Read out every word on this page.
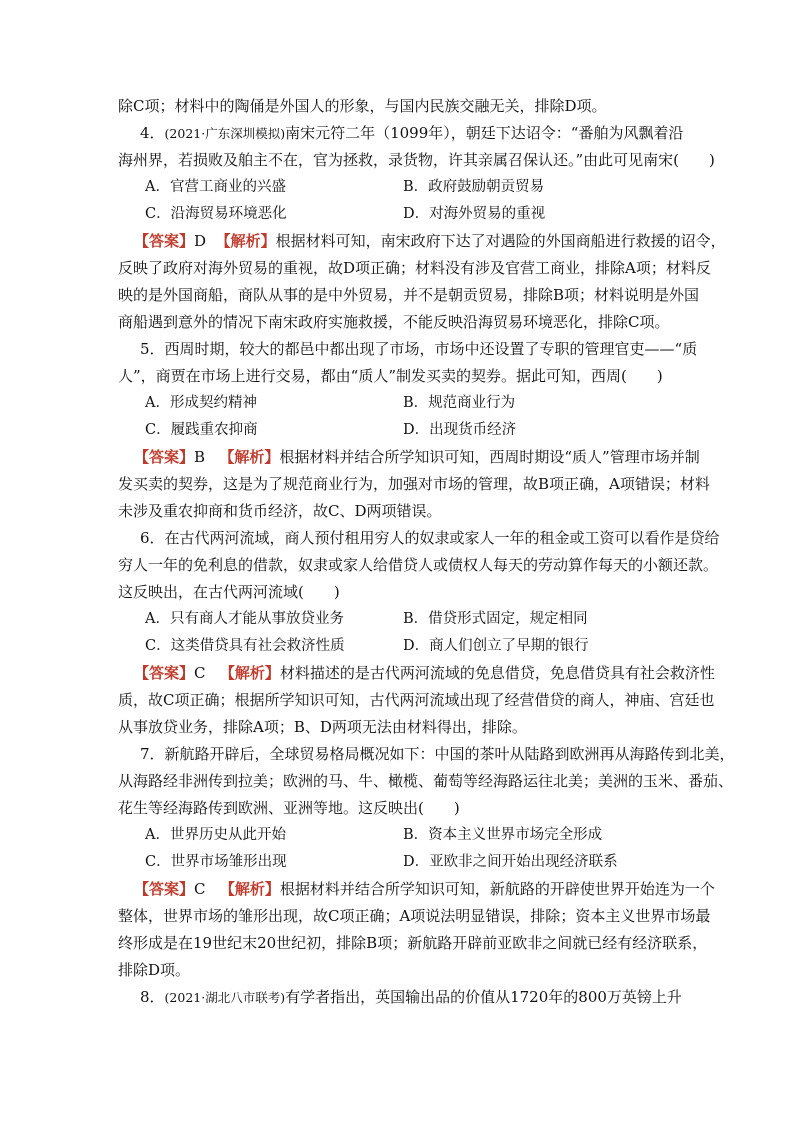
除C项；材料中的陶俑是外国人的形象，与国内民族交融无关，排除D项。
4．(2021·广东深圳模拟)南宋元符二年（1099年），朝廷下达诏令：“番舶为风飘着沿
海州界，若损败及舶主不在，官为拯救，录货物，许其亲属召保认还。”由此可见南宋(　　)
A．官营工商业的兴盛	B．政府鼓励朝贡贸易
C．沿海贸易环境恶化	D．对海外贸易的重视
【答案】D 【解析】根据材料可知，南宋政府下达了对遇险的外国商船进行救援的诏令，
反映了政府对海外贸易的重视，故D项正确；材料没有涉及官营工商业，排除A项；材料反
映的是外国商船，商队从事的是中外贸易，并不是朝贡贸易，排除B项；材料说明是外国
商船遇到意外的情况下南宋政府实施救援，不能反映沿海贸易环境恶化，排除C项。
5．西周时期，较大的都邑中都出现了市场，市场中还设置了专职的管理官吏——“质
人”，商贾在市场上进行交易，都由“质人”制发买卖的契券。据此可知，西周(　　)
A．形成契约精神	B．规范商业行为
C．履践重农抑商	D．出现货币经济
【答案】B 【解析】根据材料并结合所学知识可知，西周时期设“质人”管理市场并制
发买卖的契券，这是为了规范商业行为，加强对市场的管理，故B项正确，A项错误；材料
未涉及重农抑商和货币经济，故C、D两项错误。
6．在古代两河流域，商人预付租用穷人的奴隶或家人一年的租金或工资可以看作是贷给
穷人一年的免利息的借款，奴隶或家人给借贷人或债权人每天的劳动算作每天的小额还款。
这反映出，在古代两河流域(　　)
A．只有商人才能从事放贷业务	B．借贷形式固定，规定相同
C．这类借贷具有社会救济性质	D．商人们创立了早期的银行
【答案】C 【解析】材料描述的是古代两河流域的免息借贷，免息借贷具有社会救济性
质，故C项正确；根据所学知识可知，古代两河流域出现了经营借贷的商人，神庙、宫廷也
从事放贷业务，排除A项；B、D两项无法由材料得出，排除。
7．新航路开辟后，全球贸易格局概况如下：中国的茶叶从陆路到欧洲再从海路传到北美，
从海路经非洲传到拉美；欧洲的马、牛、橄榄、葡萄等经海路运往北美；美洲的玉米、番茄、
花生等经海路传到欧洲、亚洲等地。这反映出(　　)
A．世界历史从此开始	B．资本主义世界市场完全形成
C．世界市场雏形出现	D．亚欧非之间开始出现经济联系
【答案】C 【解析】根据材料并结合所学知识可知，新航路的开辟使世界开始连为一个
整体，世界市场的雏形出现，故C项正确；A项说法明显错误，排除；资本主义世界市场最
终形成是在19世纪末20世纪初，排除B项；新航路开辟前亚欧非之间就已经有经济联系，
排除D项。
8．(2021·湖北八市联考)有学者指出，英国输出品的价值从1720年的800万英镑上升
